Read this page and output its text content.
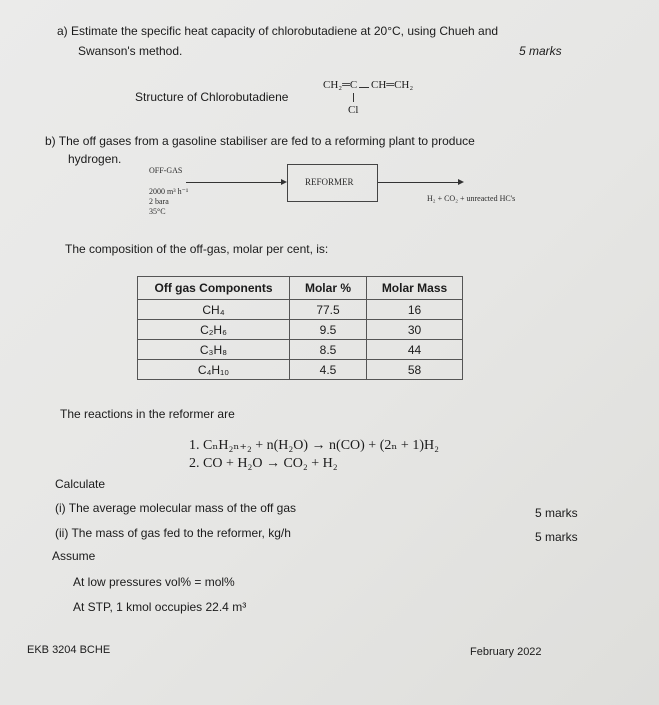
a) Estimate the specific heat capacity of chlorobutadiene at 20°C, using Chueh and
Swanson's method.	5 marks
Structure of Chlorobutadiene
CH₂═C CH═CH₂
Cl
b) The off gases from a gasoline stabiliser are fed to a reforming plant to produce
hydrogen.
OFF-GAS
2000 m³ h⁻¹
2 bara
35°C
REFORMER
H₂ + CO₂ + unreacted HC's
The composition of the off-gas, molar per cent, is:
Off gas Components	Molar %	Molar Mass
CH₄	77.5	16
C₂H₆	9.5	30
C₃H₈	8.5	44
C₄H₁₀	4.5	58
The reactions in the reformer are
1. CₙH₂ₙ₊₂ + n(H₂O) → n(CO) + (2ₙ + 1)H₂
2. CO + H₂O → CO₂ + H₂
Calculate
(i) The average molecular mass of the off gas	5 marks
(ii) The mass of gas fed to the reformer, kg/h	5 marks
Assume
At low pressures vol% = mol%
At STP, 1 kmol occupies 22.4 m³
EKB 3204 BCHE	February 2022
